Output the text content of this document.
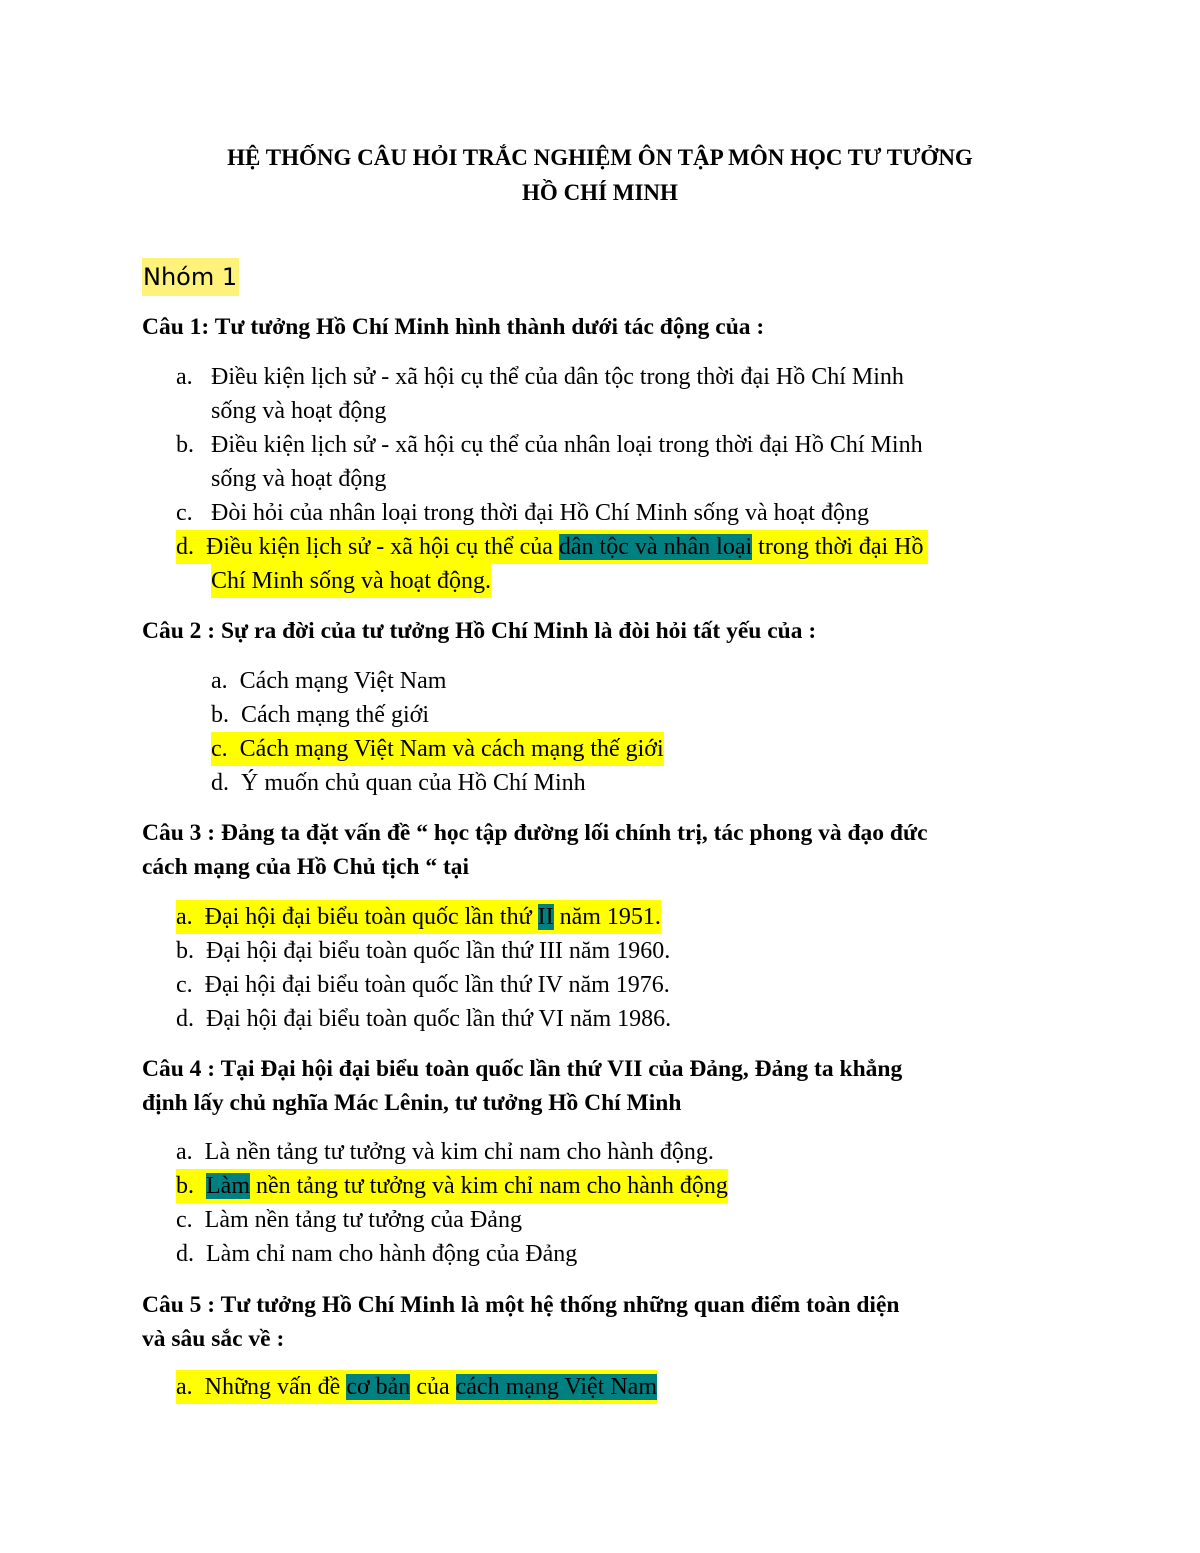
HỆ THỐNG CÂU HỎI TRẮC NGHIỆM ÔN TẬP MÔN HỌC TƯ TƯỞNG
HỒ CHÍ MINH
Nhóm 1
Câu 1: Tư tưởng Hồ Chí Minh hình thành dưới tác động của :
a. Điều kiện lịch sử - xã hội cụ thể của dân tộc trong thời đại Hồ Chí Minh
sống và hoạt động
b. Điều kiện lịch sử - xã hội cụ thể của nhân loại trong thời đại Hồ Chí Minh
sống và hoạt động
c. Đòi hỏi của nhân loại trong thời đại Hồ Chí Minh sống và hoạt động
d. Điều kiện lịch sử - xã hội cụ thể của dân tộc và nhân loại trong thời đại Hồ
Chí Minh sống và hoạt động.
Câu 2 : Sự ra đời của tư tưởng Hồ Chí Minh là đòi hỏi tất yếu của :
a. Cách mạng Việt Nam
b. Cách mạng thế giới
c. Cách mạng Việt Nam và cách mạng thế giới
d. Ý muốn chủ quan của Hồ Chí Minh
Câu 3 : Đảng ta đặt vấn đề “ học tập đường lối chính trị, tác phong và đạo đức
cách mạng của Hồ Chủ tịch “ tại
a. Đại hội đại biểu toàn quốc lần thứ II năm 1951.
b. Đại hội đại biểu toàn quốc lần thứ III năm 1960.
c. Đại hội đại biểu toàn quốc lần thứ IV năm 1976.
d. Đại hội đại biểu toàn quốc lần thứ VI năm 1986.
Câu 4 : Tại Đại hội đại biểu toàn quốc lần thứ VII của Đảng, Đảng ta khẳng
định lấy chủ nghĩa Mác Lênin, tư tưởng Hồ Chí Minh
a. Là nền tảng tư tưởng và kim chỉ nam cho hành động.
b. Làm nền tảng tư tưởng và kim chỉ nam cho hành động
c. Làm nền tảng tư tưởng của Đảng
d. Làm chỉ nam cho hành động của Đảng
Câu 5 : Tư tưởng Hồ Chí Minh là một hệ thống những quan điểm toàn diện
và sâu sắc về :
a. Những vấn đề cơ bản của cách mạng Việt Nam
